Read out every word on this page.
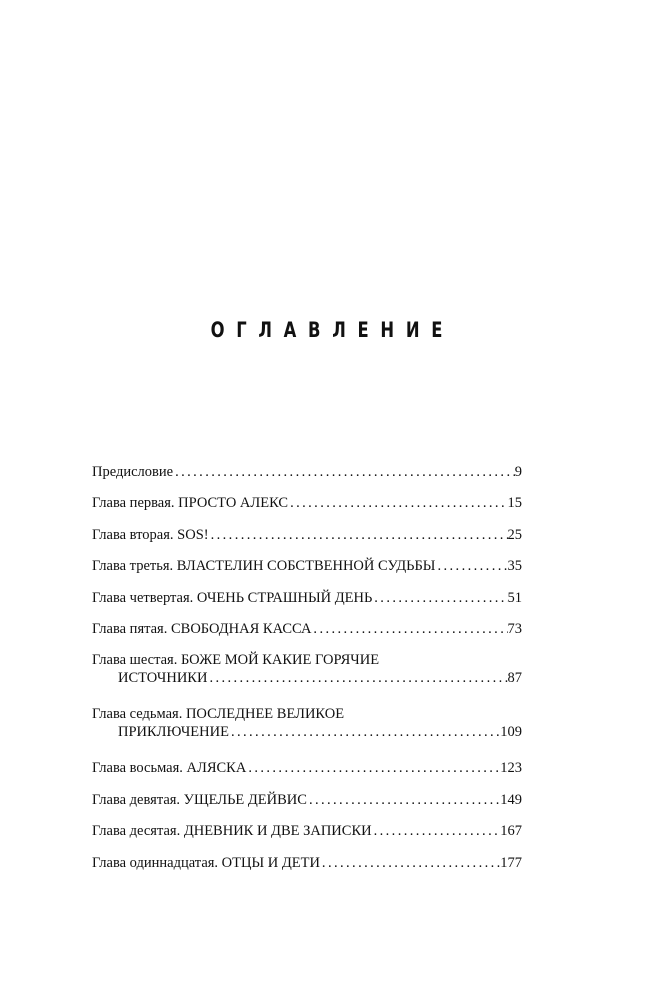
ОГЛАВЛЕНИЕ
Предисловие .....	9
Глава первая. ПРОСТО АЛЕКС .....	15
Глава вторая. SOS! .....	25
Глава третья. ВЛАСТЕЛИН СОБСТВЕННОЙ СУДЬБЫ .....	35
Глава четвертая. ОЧЕНЬ СТРАШНЫЙ ДЕНЬ .....	51
Глава пятая. СВОБОДНАЯ КАССА .....	73
Глава шестая. БОЖЕ МОЙ КАКИЕ ГОРЯЧИЕ
ИСТОЧНИКИ .....	87
Глава седьмая. ПОСЛЕДНЕЕ ВЕЛИКОЕ
ПРИКЛЮЧЕНИЕ .....	109
Глава восьмая. АЛЯСКА .....	123
Глава девятая. УЩЕЛЬЕ ДЕЙВИС .....	149
Глава десятая. ДНЕВНИК И ДВЕ ЗАПИСКИ .....	167
Глава одиннадцатая. ОТЦЫ И ДЕТИ .....	177
